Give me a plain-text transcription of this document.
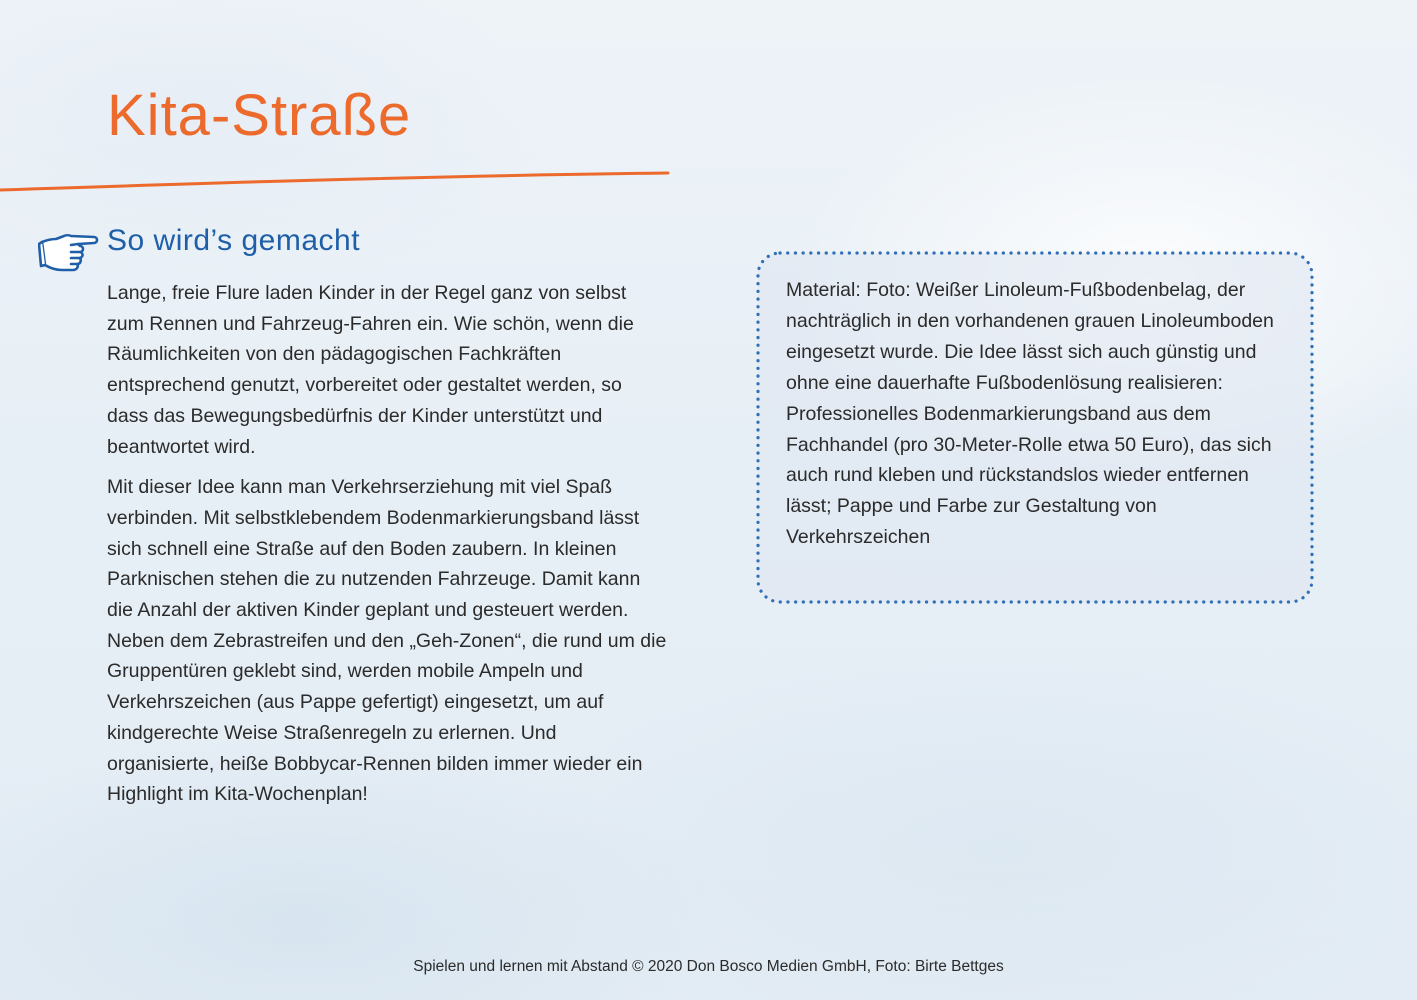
Kita-Straße
So wird’s gemacht

Lange, freie Flure laden Kinder in der Regel ganz von selbst zum Rennen und Fahrzeug-Fahren ein. Wie schön, wenn die Räumlichkeiten von den pädagogischen Fachkräften entsprechend genutzt, vorbereitet oder gestaltet werden, so dass das Bewegungsbedürfnis der Kinder unterstützt und beantwortet wird.

Mit dieser Idee kann man Verkehrserziehung mit viel Spaß verbinden. Mit selbstklebendem Bodenmarkierungsband lässt sich schnell eine Straße auf den Boden zaubern. In kleinen Parknischen stehen die zu nutzenden Fahrzeuge. Damit kann die Anzahl der aktiven Kinder geplant und gesteuert werden. Neben dem Zebrastreifen und den „Geh-Zonen“, die rund um die Gruppentüren geklebt sind, werden mobile Ampeln und Verkehrszeichen (aus Pappe gefertigt) eingesetzt, um auf kindgerechte Weise Straßenregeln zu erlernen. Und organisierte, heiße Bobbycar-Rennen bilden immer wieder ein Highlight im Kita-Wochenplan!

Material: Foto: Weißer Linoleum-Fußbodenbelag, der nachträglich in den vorhandenen grauen Linoleumboden eingesetzt wurde. Die Idee lässt sich auch günstig und ohne eine dauerhafte Fußbodenlösung realisieren: Professionelles Bodenmarkierungsband aus dem Fachhandel (pro 30-Meter-Rolle etwa 50 Euro), das sich auch rund kleben und rückstandslos wieder entfernen lässt; Pappe und Farbe zur Gestaltung von Verkehrszeichen

Spielen und lernen mit Abstand © 2020 Don Bosco Medien GmbH, Foto: Birte Bettges
